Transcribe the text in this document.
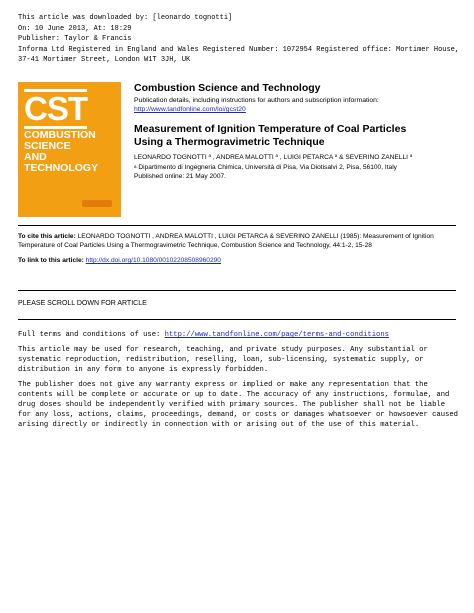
This article was downloaded by: [leonardo tognotti]
On: 10 June 2013, At: 18:29
Publisher: Taylor & Francis
Informa Ltd Registered in England and Wales Registered Number: 1072954 Registered office: Mortimer House,
37-41 Mortimer Street, London W1T 3JH, UK
CST
COMBUSTION
SCIENCE
AND
TECHNOLOGY
Combustion Science and Technology
Publication details, including instructions for authors and subscription information:
http://www.tandfonline.com/loi/gcst20
Measurement of Ignition Temperature of Coal Particles
Using a Thermogravimetric Technique
LEONARDO TOGNOTTI $^a$ , ANDREA MALOTTI $^a$ , LUIGI PETARCA $^a$ & SEVERINO ZANELLI $^a$
$^a$ Dipartimento di Ingegneria Chimica, Università di Pisa, Via Diotisalvi 2, Pisa, 56100, Italy
Published online: 21 May 2007.
To cite this article: LEONARDO TOGNOTTI , ANDREA MALOTTI , LUIGI PETARCA & SEVERINO ZANELLI (1985): Measurement of Ignition Temperature of Coal Particles Using a Thermogravimetric Technique, Combustion Science and Technology, 44:1-2, 15-28
To link to this article: http://dx.doi.org/10.1080/00102208508960290
PLEASE SCROLL DOWN FOR ARTICLE

Full terms and conditions of use: http://www.tandfonline.com/page/terms-and-conditions

This article may be used for research, teaching, and private study purposes. Any substantial or systematic reproduction, redistribution, reselling, loan, sub-licensing, systematic supply, or distribution in any form to anyone is expressly forbidden.

The publisher does not give any warranty express or implied or make any representation that the contents will be complete or accurate or up to date. The accuracy of any instructions, formulae, and drug doses should be independently verified with primary sources. The publisher shall not be liable for any loss, actions, claims, proceedings, demand, or costs or damages whatsoever or howsoever caused arising directly or indirectly in connection with or arising out of the use of this material.
